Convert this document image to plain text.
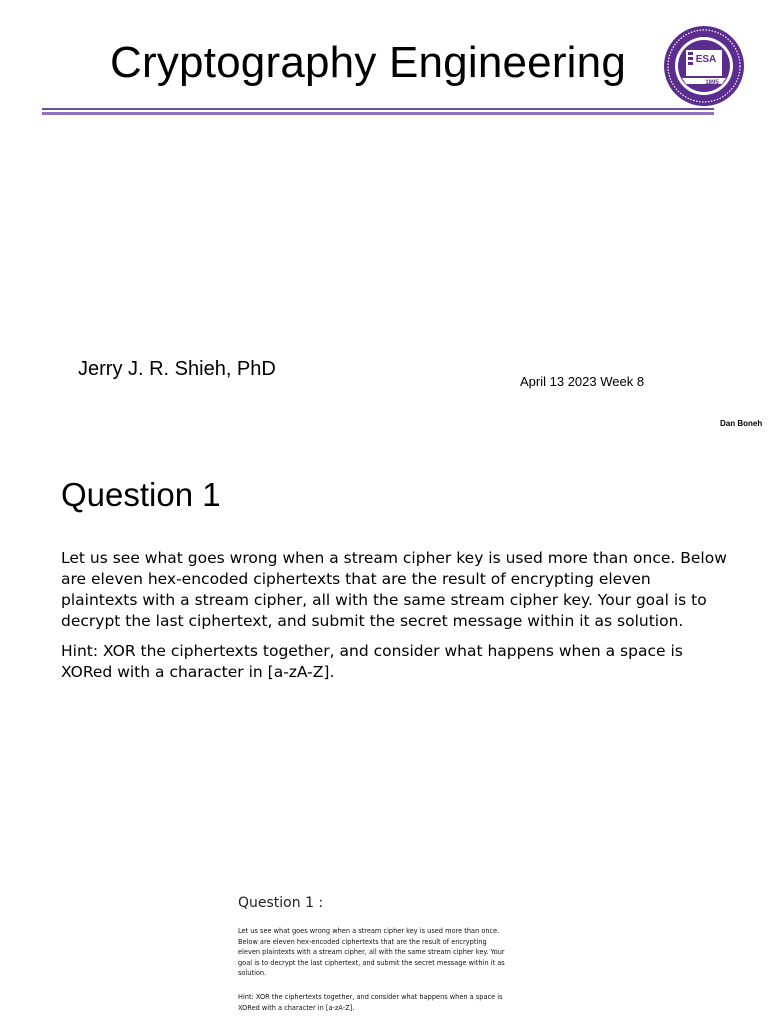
Cryptography Engineering	ESA
1895
Jerry J. R. Shieh, PhD
April 13 2023 Week 8
Dan Boneh
Question 1

Let us see what goes wrong when a stream cipher key is used more than once. Below are eleven hex-encoded ciphertexts that are the result of encrypting eleven plaintexts with a stream cipher, all with the same stream cipher key. Your goal is to decrypt the last ciphertext, and submit the secret message within it as solution.

Hint: XOR the ciphertexts together, and consider what happens when a space is XORed with a character in [a-zA-Z].

Question 1 :

Let us see what goes wrong when a stream cipher key is used more than once. Below are eleven hex-encoded ciphertexts that are the result of encrypting eleven plaintexts with a stream cipher, all with the same stream cipher key. Your goal is to decrypt the last ciphertext, and submit the secret message within it as solution.

Hint: XOR the ciphertexts together, and consider what happens when a space is XORed with a character in [a-zA-Z].
